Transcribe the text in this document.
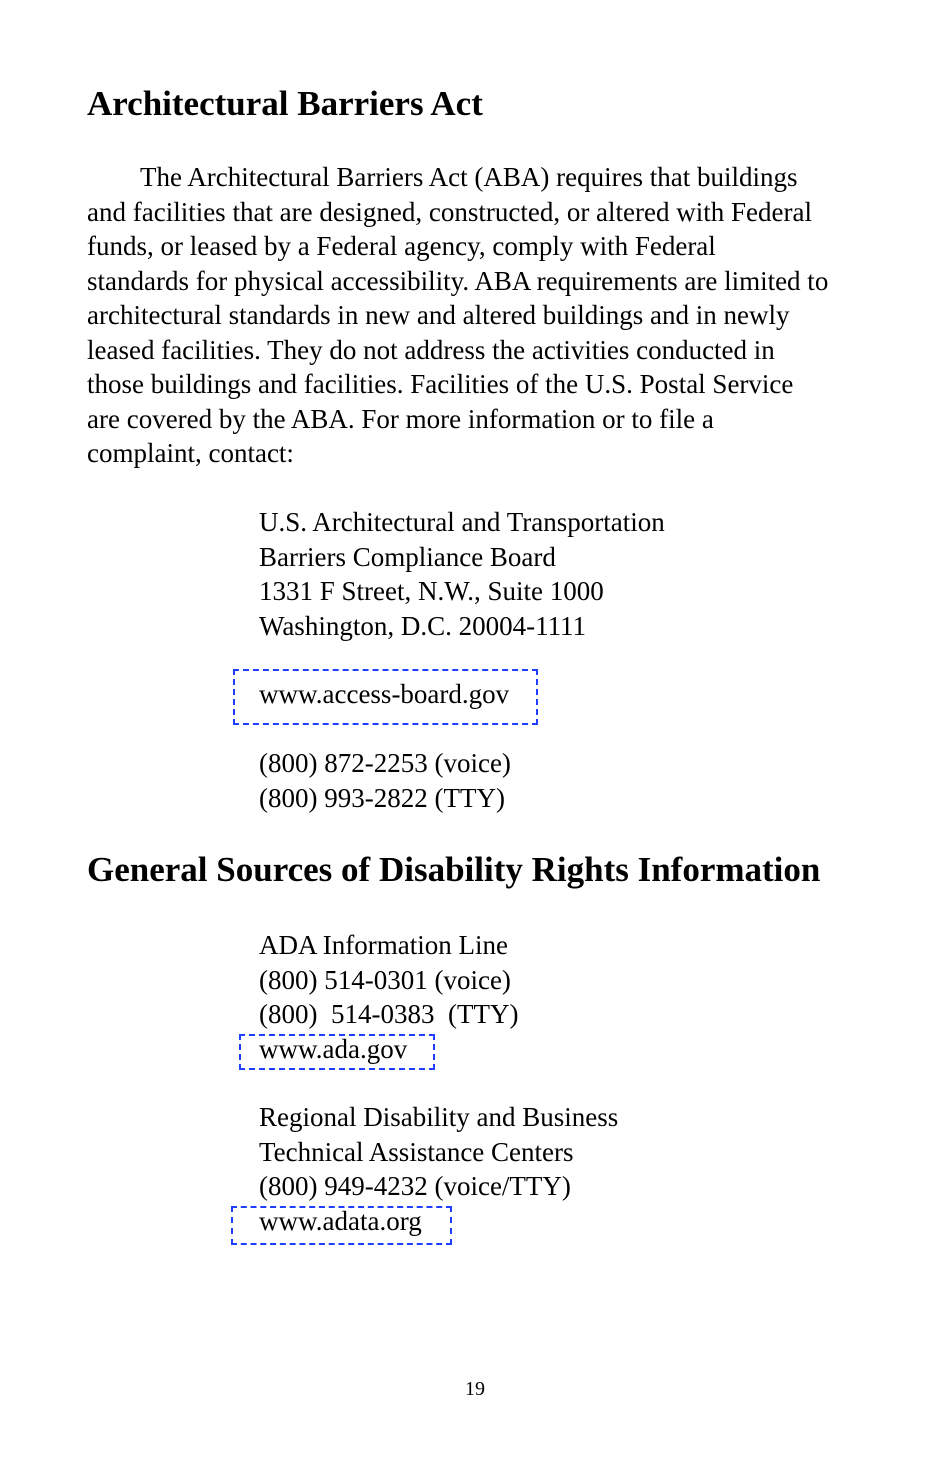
Architectural Barriers Act

The Architectural Barriers Act (ABA) requires that buildings
and facilities that are designed, constructed, or altered with Federal
funds, or leased by a Federal agency, comply with Federal
standards for physical accessibility. ABA requirements are limited to
architectural standards in new and altered buildings and in newly
leased facilities. They do not address the activities conducted in
those buildings and facilities. Facilities of the U.S. Postal Service
are covered by the ABA. For more information or to file a
complaint, contact:

U.S. Architectural and Transportation
Barriers Compliance Board
1331 F Street, N.W., Suite 1000
Washington, D.C. 20004-1111
www.access-board.gov
(800) 872-2253 (voice)
(800) 993-2822 (TTY)
General Sources of Disability Rights Information
ADA Information Line
(800) 514-0301 (voice)
(800)  514-0383  (TTY)
www.ada.gov
Regional Disability and Business
Technical Assistance Centers
(800) 949-4232 (voice/TTY)
www.adata.org
19
